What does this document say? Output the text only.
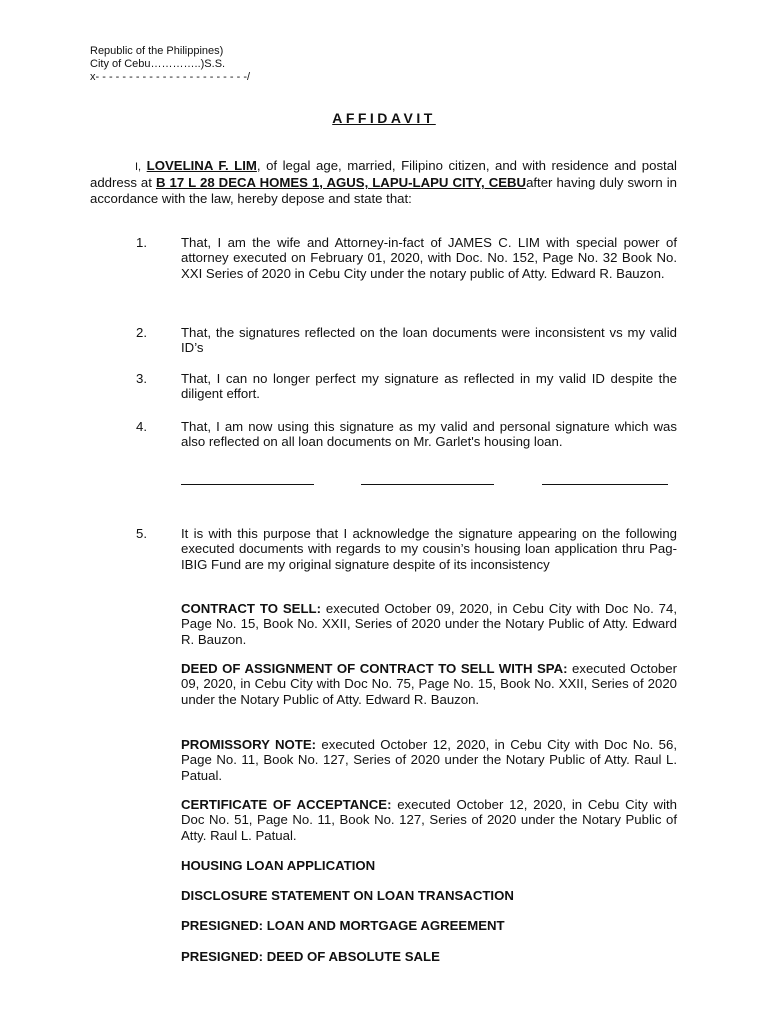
Republic of the Philippines)
City of Cebu…………..)S.S.
x- - - - - - - - - - - - - - - - - - - - - - -/
AFFIDAVIT
I, LOVELINA F. LIM, of legal age, married, Filipino citizen, and with residence and postal address at B 17 L 28 DECA HOMES 1, AGUS, LAPU-LAPU CITY, CEBUafter having duly sworn in accordance with the law, hereby depose and state that:
1.	That, I am the wife and Attorney-in-fact of JAMES C. LIM with special power of attorney executed on February 01, 2020, with Doc. No. 152, Page No. 32 Book No. XXI Series of 2020 in Cebu City under the notary public of Atty. Edward R. Bauzon.
2.	That, the signatures reflected on the loan documents were inconsistent vs my valid ID’s
3.	That, I can no longer perfect my signature as reflected in my valid ID despite the diligent effort.
4.	That, I am now using this signature as my valid and personal signature which was also reflected on all loan documents on Mr. Garlet's housing loan.
5.	It is with this purpose that I acknowledge the signature appearing on the following executed documents with regards to my cousin’s housing loan application thru Pag-IBIG Fund are my original signature despite of its inconsistency
CONTRACT TO SELL: executed October 09, 2020, in Cebu City with Doc No. 74, Page No. 15, Book No. XXII, Series of 2020 under the Notary Public of Atty. Edward R. Bauzon.
DEED OF ASSIGNMENT OF CONTRACT TO SELL WITH SPA: executed October 09, 2020, in Cebu City with Doc No. 75, Page No. 15, Book No. XXII, Series of 2020 under the Notary Public of Atty. Edward R. Bauzon.
PROMISSORY NOTE: executed October 12, 2020, in Cebu City with Doc No. 56, Page No. 11, Book No. 127, Series of 2020 under the Notary Public of Atty. Raul L. Patual.
CERTIFICATE OF ACCEPTANCE: executed October 12, 2020, in Cebu City with Doc No. 51, Page No. 11, Book No. 127, Series of 2020 under the Notary Public of Atty. Raul L. Patual.
HOUSING LOAN APPLICATION
DISCLOSURE STATEMENT ON LOAN TRANSACTION
PRESIGNED: LOAN AND MORTGAGE AGREEMENT
PRESIGNED: DEED OF ABSOLUTE SALE
